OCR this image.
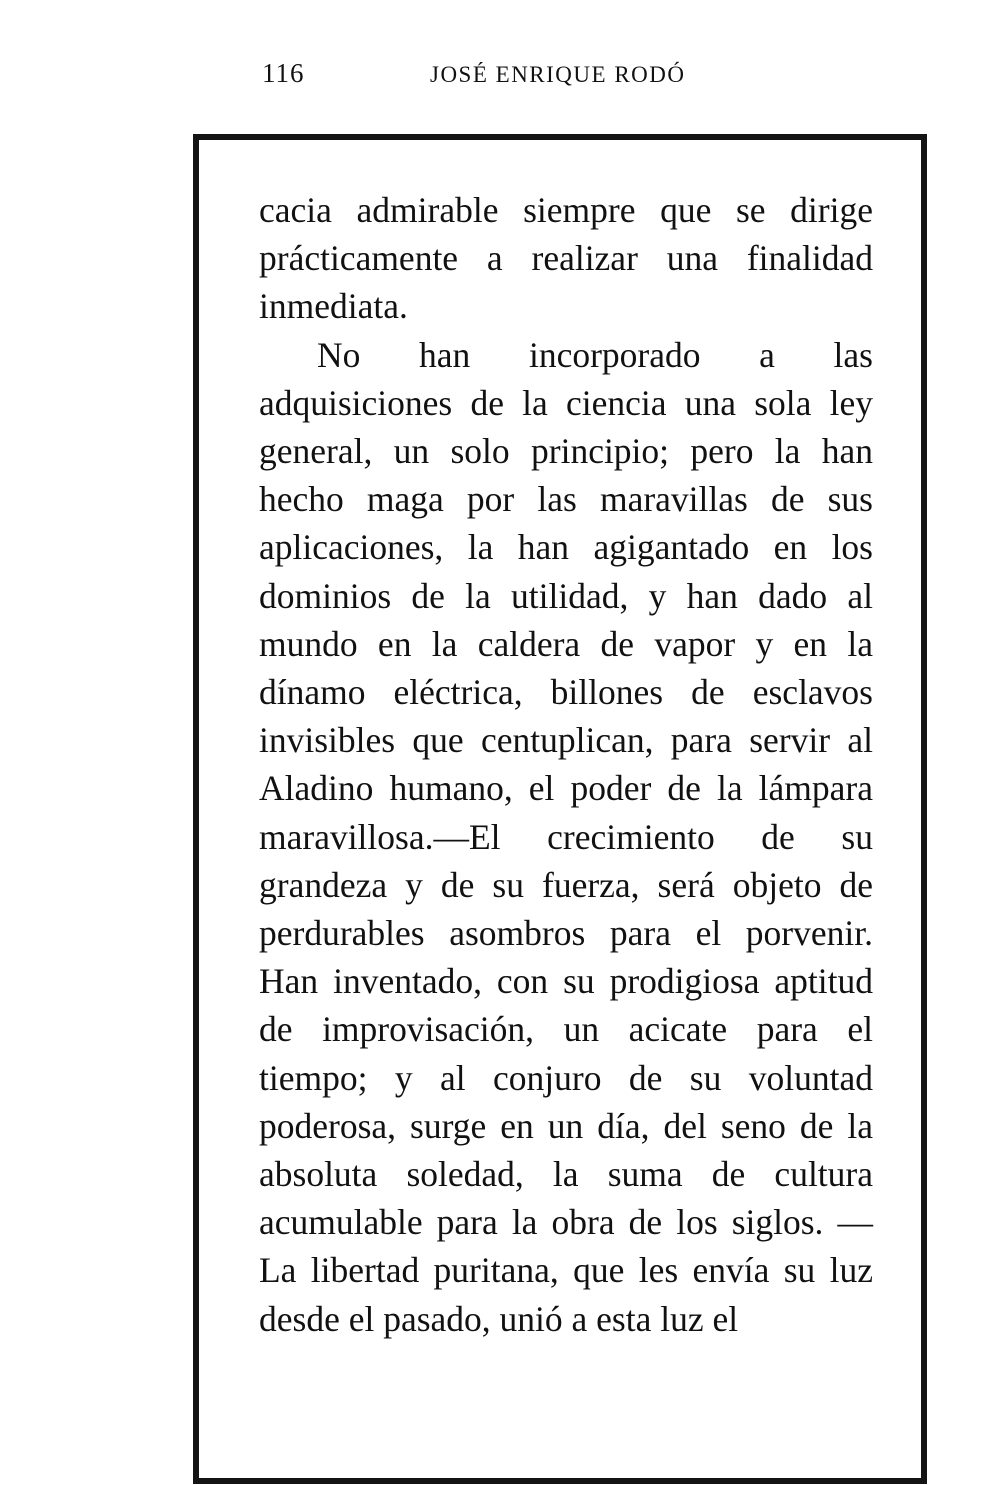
116	JOSÉ ENRIQUE RODÓ

cacia admirable siempre que se dirige prácticamente a realizar una finalidad inmediata.

No han incorporado a las adquisiciones de la ciencia una sola ley general, un solo principio; pero la han hecho maga por las maravillas de sus aplicaciones, la han agigantado en los dominios de la utilidad, y han dado al mundo en la caldera de vapor y en la dínamo eléctrica, billones de esclavos invisibles que centuplican, para servir al Aladino humano, el poder de la lámpara maravillosa.—El crecimiento de su grandeza y de su fuerza, será objeto de perdurables asombros para el porvenir. Han inventado, con su prodigiosa aptitud de improvisación, un acicate para el tiempo; y al conjuro de su voluntad poderosa, surge en un día, del seno de la absoluta soledad, la suma de cultura acumulable para la obra de los siglos. —La libertad puritana, que les envía su luz desde el pasado, unió a esta luz el
